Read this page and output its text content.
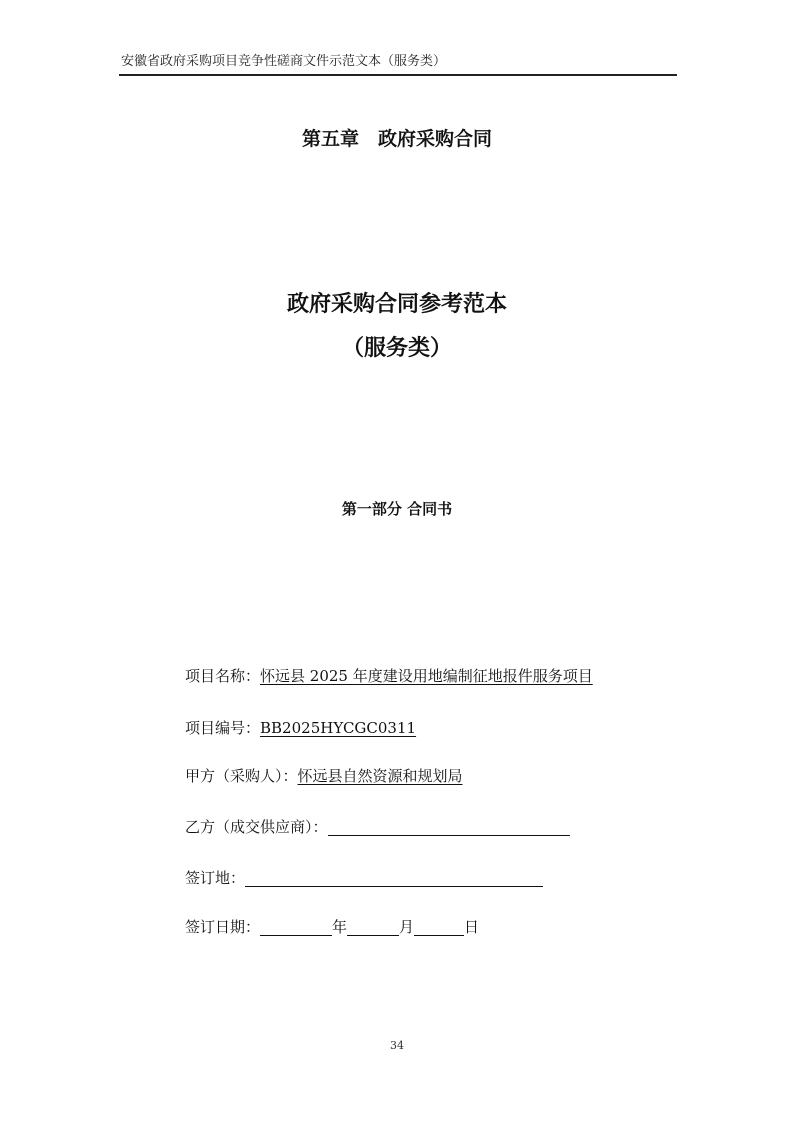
安徽省政府采购项目竞争性磋商文件示范文本（服务类）
第五章　政府采购合同
政府采购合同参考范本
（服务类）
第一部分 合同书
项目名称： 怀远县 2025 年度建设用地编制征地报件服务项目
项目编号： BB2025HYCGC0311
甲方（采购人）： 怀远县自然资源和规划局
乙方（成交供应商）：
签订地：
签订日期：	年	月	日
34
